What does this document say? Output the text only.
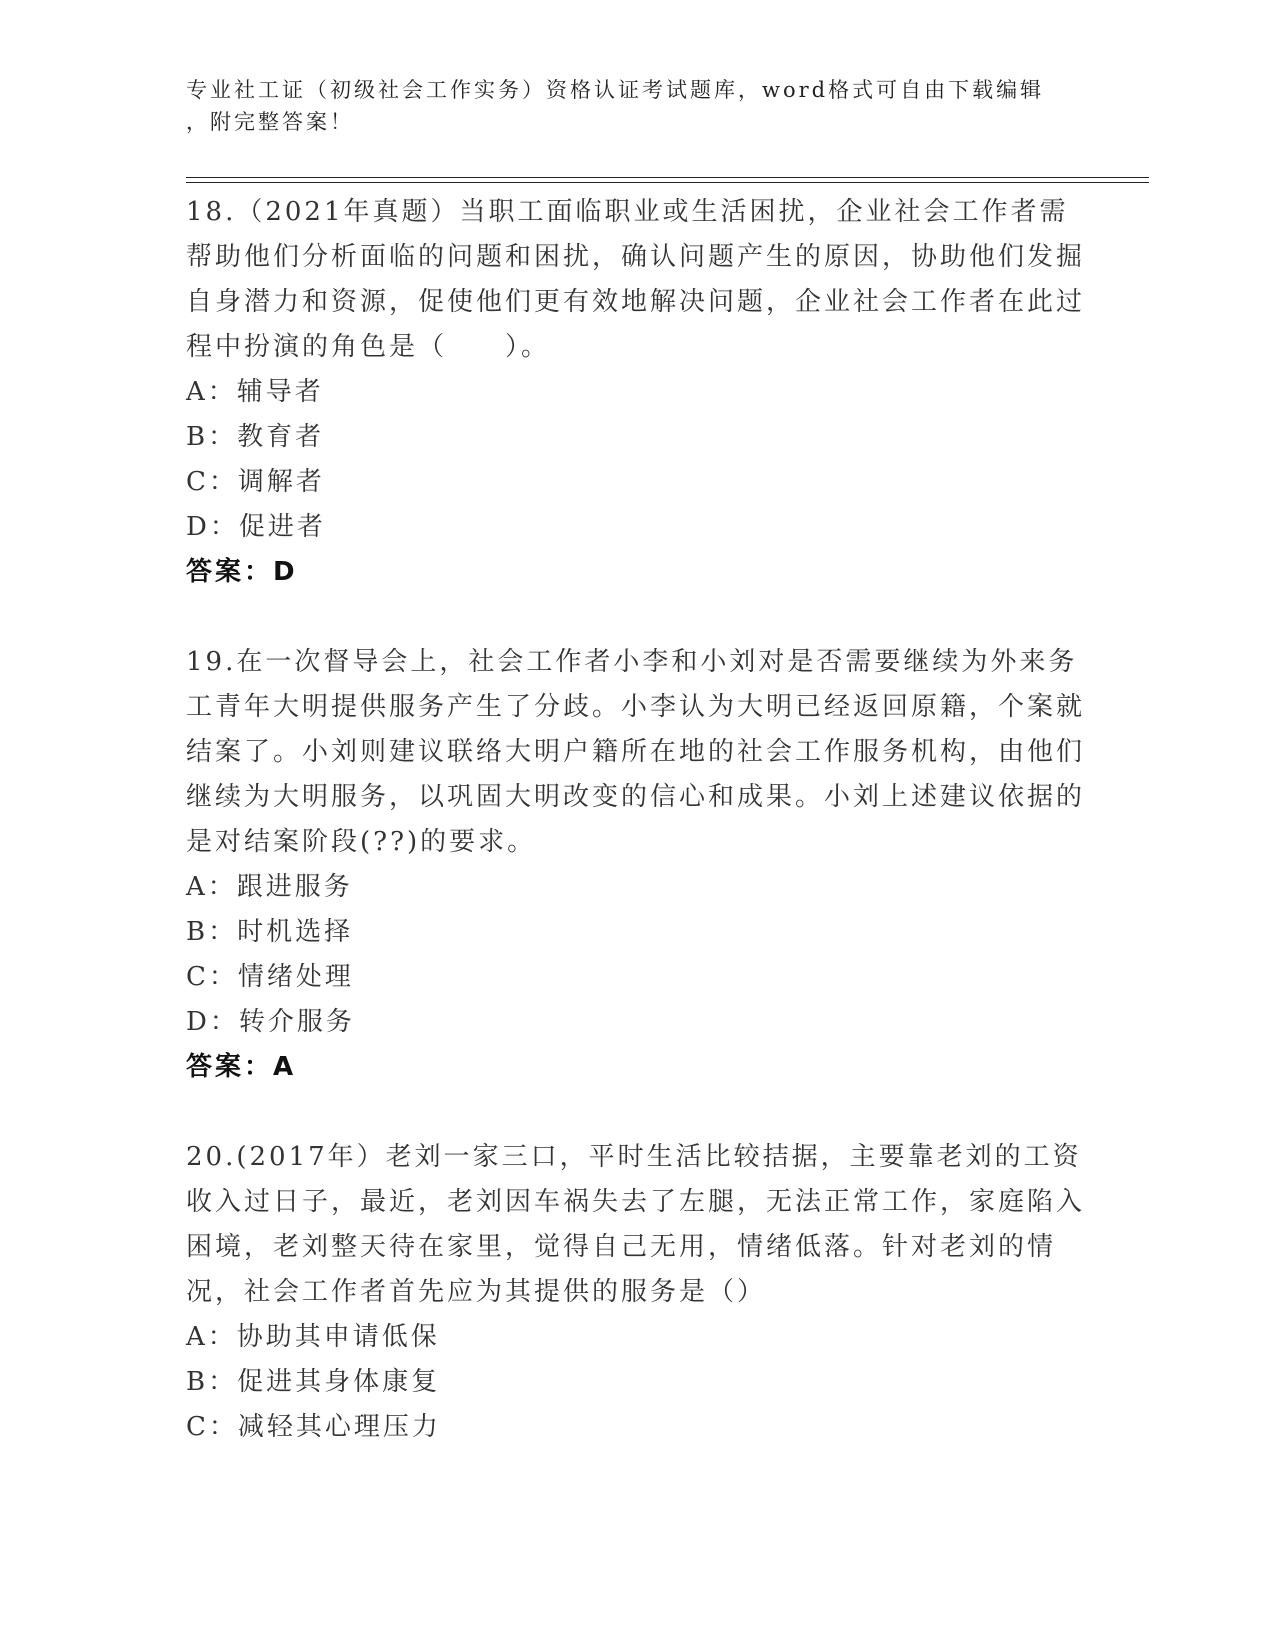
专业社工证（初级社会工作实务）资格认证考试题库，word格式可自由下载编辑
，附完整答案！

18.（2021年真题）当职工面临职业或生活困扰，企业社会工作者需帮助他们分析面临的问题和困扰，确认问题产生的原因，协助他们发掘自身潜力和资源，促使他们更有效地解决问题，企业社会工作者在此过程中扮演的角色是（　　）。

A：辅导者

B：教育者

C：调解者

D：促进者

答案：D

19.在一次督导会上，社会工作者小李和小刘对是否需要继续为外来务工青年大明提供服务产生了分歧。小李认为大明已经返回原籍，个案就结案了。小刘则建议联络大明户籍所在地的社会工作服务机构，由他们继续为大明服务，以巩固大明改变的信心和成果。小刘上述建议依据的是对结案阶段(??)的要求。

A：跟进服务

B：时机选择

C：情绪处理

D：转介服务

答案：A

20.(2017年）老刘一家三口，平时生活比较拮据，主要靠老刘的工资收入过日子，最近，老刘因车祸失去了左腿，无法正常工作，家庭陷入困境，老刘整天待在家里，觉得自己无用，情绪低落。针对老刘的情况，社会工作者首先应为其提供的服务是（）

A：协助其申请低保

B：促进其身体康复

C：减轻其心理压力
